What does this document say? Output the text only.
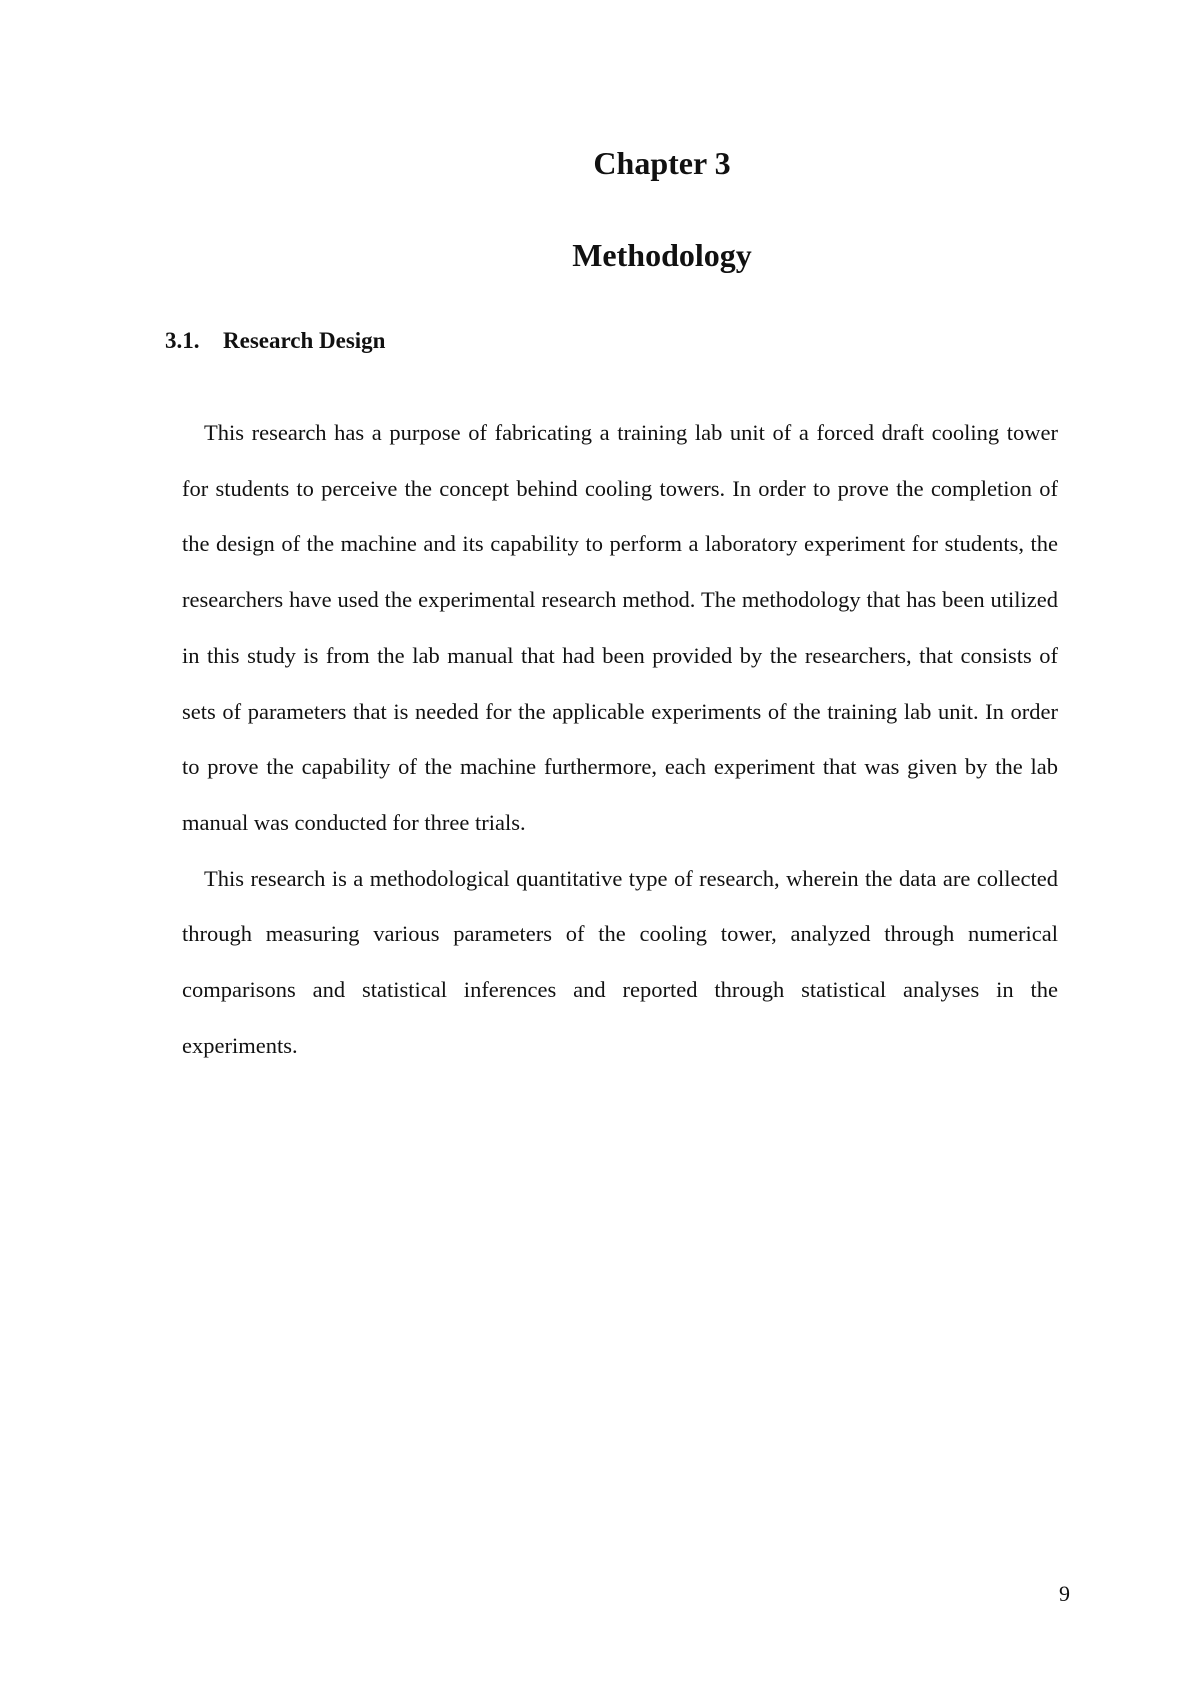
Chapter 3
Methodology
3.1. Research Design

This research has a purpose of fabricating a training lab unit of a forced draft cooling tower for students to perceive the concept behind cooling towers. In order to prove the completion of the design of the machine and its capability to perform a laboratory experiment for students, the researchers have used the experimental research method. The methodology that has been utilized in this study is from the lab manual that had been provided by the researchers, that consists of sets of parameters that is needed for the applicable experiments of the training lab unit. In order to prove the capability of the machine furthermore, each experiment that was given by the lab manual was conducted for three trials.

This research is a methodological quantitative type of research, wherein the data are collected through measuring various parameters of the cooling tower, analyzed through numerical comparisons and statistical inferences and reported through statistical analyses in the experiments.

9
